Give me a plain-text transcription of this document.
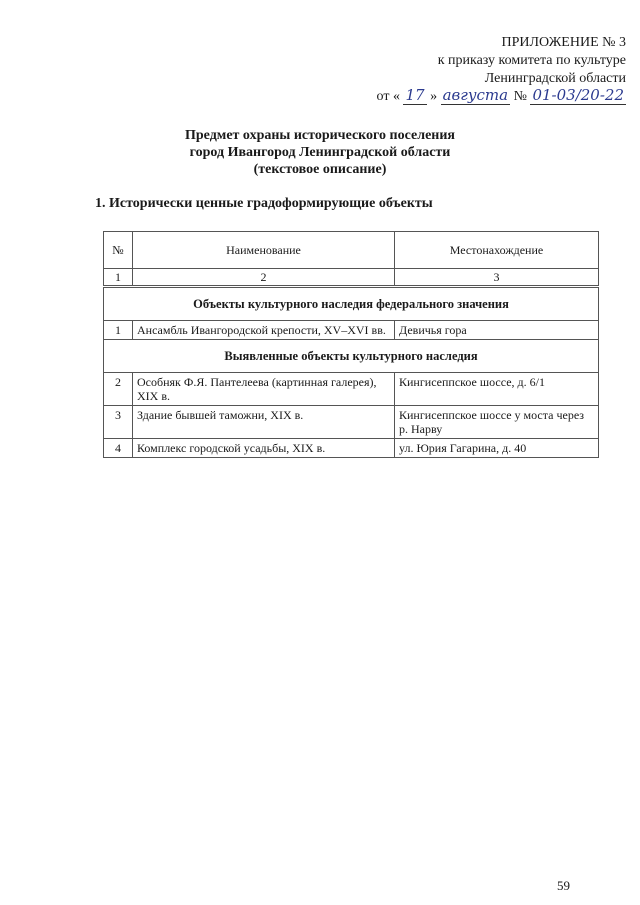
ПРИЛОЖЕНИЕ № 3
к приказу комитета по культуре
Ленинградской области
от « 17 » августа № 01-03/20-22
Предмет охраны исторического поселения
город Ивангород Ленинградской области
(текстовое описание)
1. Исторически ценные градоформирующие объекты
№	Наименование	Местонахождение
1	2	3
Объекты культурного наследия федерального значения		
1	Ансамбль Ивангородской крепости, XV–XVI вв.	Девичья гора
Выявленные объекты культурного наследия		
2	Особняк Ф.Я. Пантелеева (картинная галерея), XIX в.	Кингисеппское шоссе, д. 6/1
3	Здание бывшей таможни, XIX в.	Кингисеппское шоссе у моста через р. Нарву
4	Комплекс городской усадьбы, XIX в.	ул. Юрия Гагарина, д. 40
59
